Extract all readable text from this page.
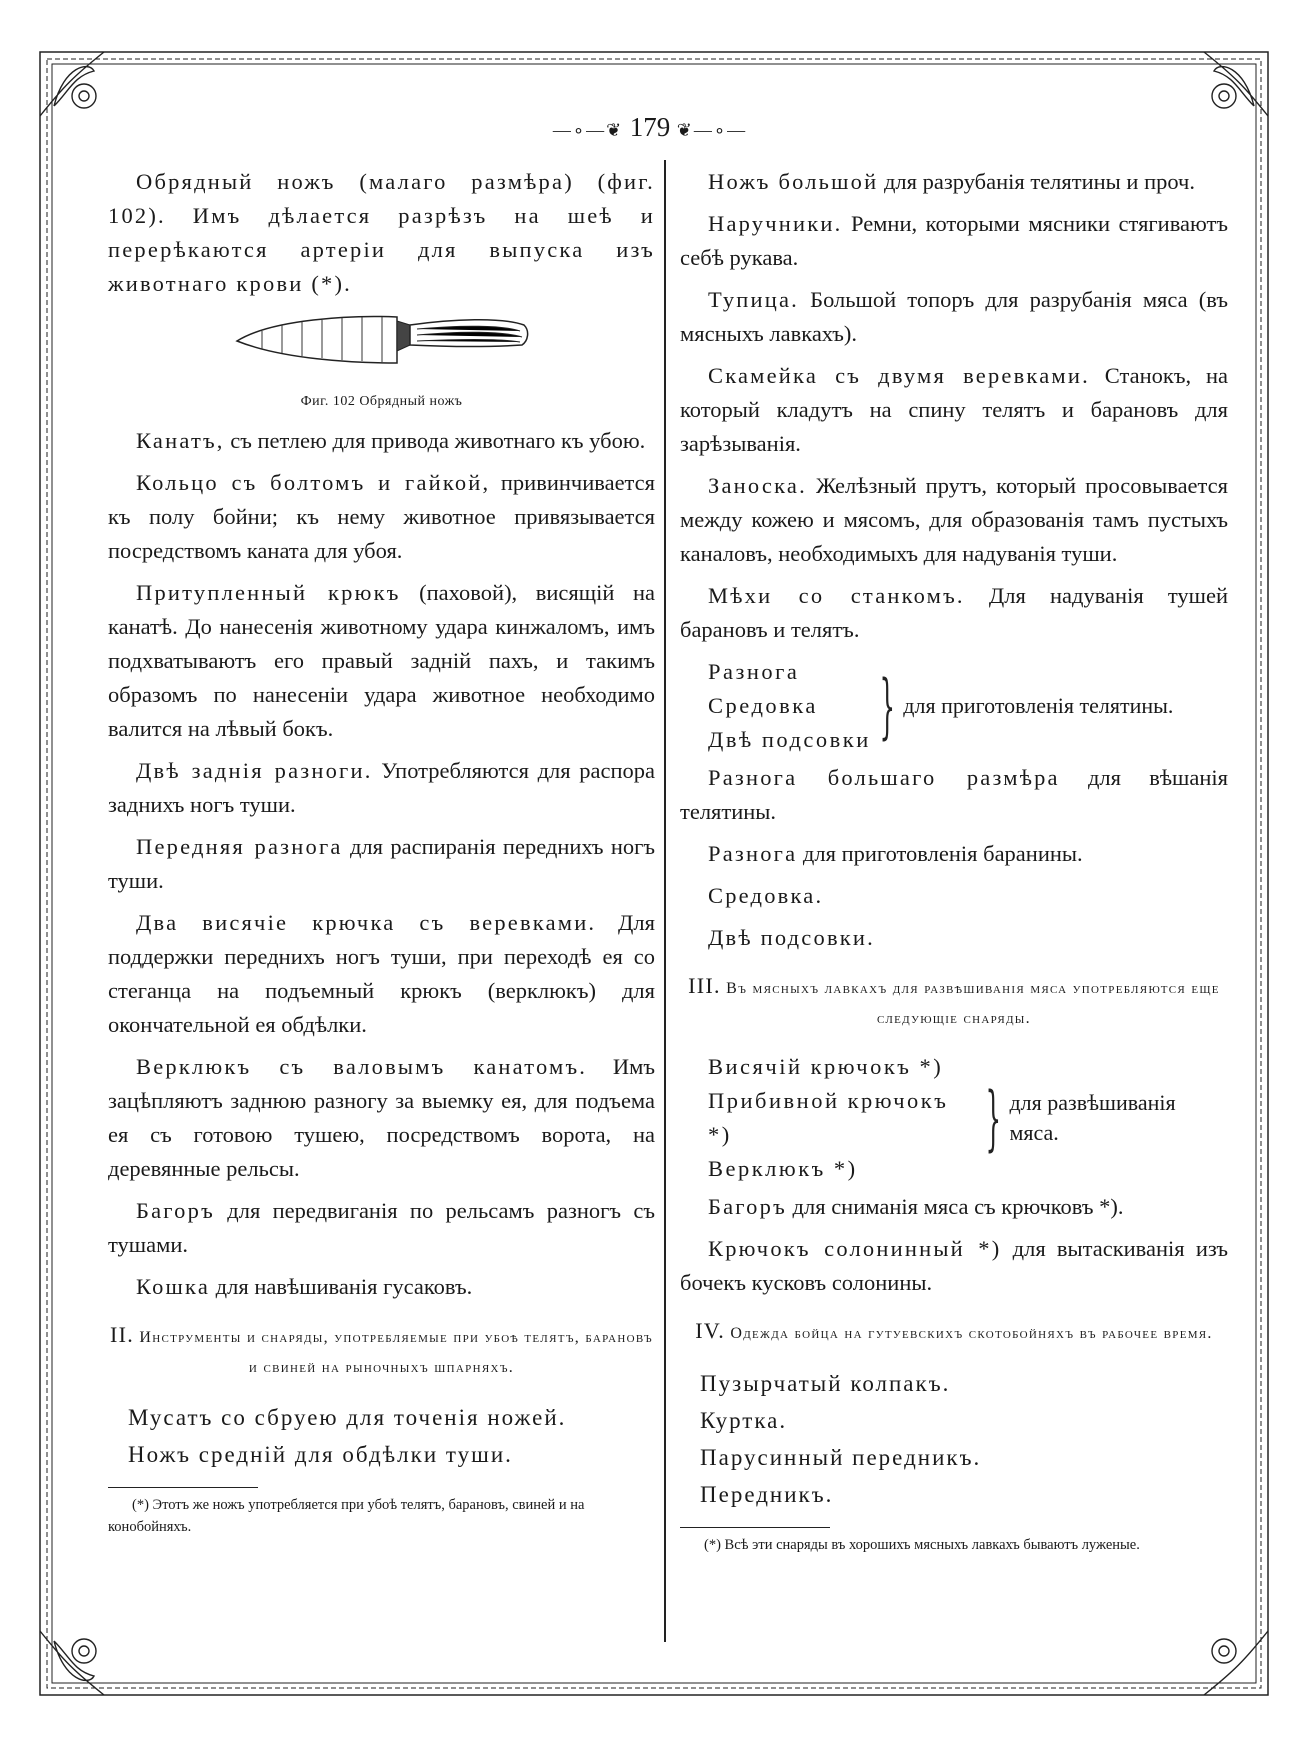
—∘—❦ 179 ❦—∘—

Обрядный ножъ (малаго размѣра) (фиг. 102). Имъ дѣлается разрѣзъ на шеѣ и перерѣкаются артеріи для выпуска изъ животнаго крови (*).

Фиг. 102 Обрядный ножъ

Канатъ, съ петлею для привода животнаго къ убою.

Кольцо съ болтомъ и гайкой, привинчивается къ полу бойни; къ нему животное привязывается посредствомъ каната для убоя.

Притупленный крюкъ (паховой), висящій на канатѣ. До нанесенія животному удара кинжаломъ, имъ подхватываютъ его правый задній пахъ, и такимъ образомъ по нанесеніи удара животное необходимо валится на лѣвый бокъ.

Двѣ заднія разноги. Употребляются для распора заднихъ ногъ туши.

Передняя разнога для распиранія переднихъ ногъ туши.

Два висячіе крючка съ веревками. Для поддержки переднихъ ногъ туши, при переходѣ ея со стеганца на подъемный крюкъ (верклюкъ) для окончательной ея обдѣлки.

Верклюкъ съ валовымъ канатомъ. Имъ зацѣпляютъ заднюю разногу за выемку ея, для подъема ея съ готовою тушею, посредствомъ ворота, на деревянные рельсы.

Багоръ для передвиганія по рельсамъ разногъ съ тушами.

Кошка для навѣшиванія гусаковъ.

II. Инструменты и снаряды, употребляемые при убоѣ телятъ, барановъ и свиней на рыночныхъ шпарняхъ.
Мусатъ со сбруею для точенія ножей.
Ножъ средній для обдѣлки туши.

(*) Этотъ же ножъ употребляется при убоѣ телятъ, барановъ, свиней и на конобойняхъ.

Ножъ большой для разрубанія телятины и проч.

Наручники. Ремни, которыми мясники стягиваютъ себѣ рукава.

Тупица. Большой топоръ для разрубанія мяса (въ мясныхъ лавкахъ).

Скамейка съ двумя веревками. Станокъ, на который кладутъ на спину телятъ и барановъ для зарѣзыванія.

Заноска. Желѣзный прутъ, который просовывается между кожею и мясомъ, для образованія тамъ пустыхъ каналовъ, необходимыхъ для надуванія туши.

Мѣхи со станкомъ. Для надуванія тушей барановъ и телятъ.

Разнога
Средовка
Двѣ подсовки } для приготовленія телятины.

Разнога большаго размѣра для вѣшанія телятины.

Разнога для приготовленія баранины.

Средовка.

Двѣ подсовки.

III. Въ мясныхъ лавкахъ для развѣшиванія мяса употребляются еще следующіе снаряды.
Висячій крючокъ *)
Прибивной крючокъ *)
Верклюкъ *)
} для развѣшиванія мяса.

Багоръ для сниманія мяса съ крючковъ *).

Крючокъ солонинный *) для вытаскиванія изъ бочекъ кусковъ солонины.

IV. Одежда бойца на гутуевскихъ скотобойняхъ въ рабочее время.
Пузырчатый колпакъ.
Куртка.
Парусинный передникъ.
Передникъ.

(*) Всѣ эти снаряды въ хорошихъ мясныхъ лавкахъ бываютъ луженые.
